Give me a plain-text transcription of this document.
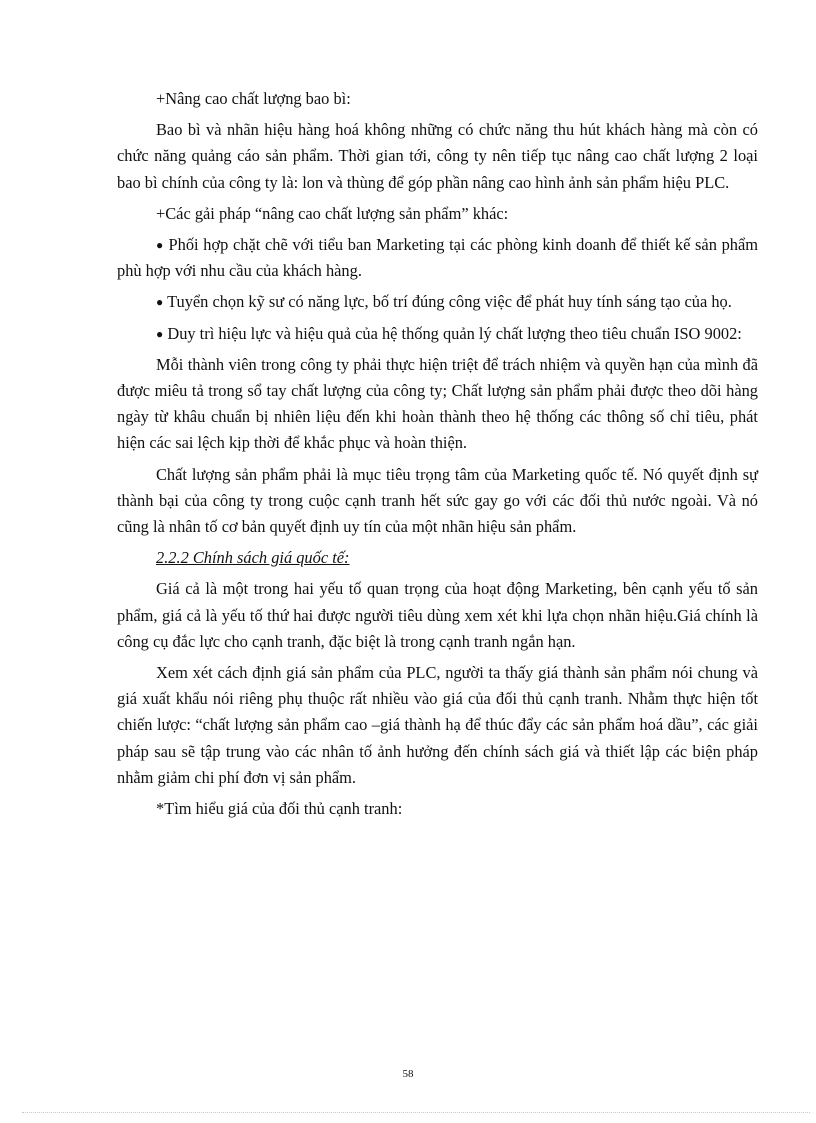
+Nâng cao chất lượng bao bì:

Bao bì và nhãn hiệu hàng hoá không những có chức năng thu hút khách hàng mà còn có chức năng quảng cáo sản phẩm. Thời gian tới, công ty nên tiếp tục nâng cao chất lượng 2 loại bao bì chính của công ty là: lon và thùng để góp phần nâng cao hình ảnh sản phẩm hiệu PLC.

+Các gải pháp “nâng cao chất lượng sản phẩm” khác:

● Phối hợp chặt chẽ với tiểu ban Marketing tại các phòng kinh doanh để thiết kế sản phẩm phù hợp với nhu cầu của khách hàng.

● Tuyển chọn kỹ sư có năng lực, bố trí đúng công việc để phát huy tính sáng tạo của họ.

● Duy trì hiệu lực và hiệu quả của hệ thống quản lý chất lượng theo tiêu chuẩn ISO 9002:

Mỗi thành viên trong công ty phải thực hiện triệt để trách nhiệm và quyền hạn của mình đã được miêu tả trong sổ tay chất lượng của công ty; Chất lượng sản phẩm phải được theo dõi hàng ngày từ khâu chuẩn bị nhiên liệu đến khi hoàn thành theo hệ thống các thông số chỉ tiêu, phát hiện các sai lệch kịp thời để khắc phục và hoàn thiện.

Chất lượng sản phẩm phải là mục tiêu trọng tâm của Marketing quốc tế. Nó quyết định sự thành bại của công ty trong cuộc cạnh tranh hết sức gay go với các đối thủ nước ngoài. Và nó cũng là nhân tố cơ bản quyết định uy tín của một nhãn hiệu sản phẩm.

2.2.2 Chính sách giá quốc tế:

Giá cả là một trong hai yếu tố quan trọng của hoạt động Marketing, bên cạnh yếu tố sản phẩm, giá cả là yếu tố thứ hai được người tiêu dùng xem xét khi lựa chọn nhãn hiệu.Giá chính là công cụ đắc lực cho cạnh tranh, đặc biệt là trong cạnh tranh ngắn hạn.

Xem xét cách định giá sản phẩm của PLC, người ta thấy giá thành sản phẩm nói chung và giá xuất khẩu nói riêng phụ thuộc rất nhiều vào giá của đối thủ cạnh tranh. Nhằm thực hiện tốt chiến lược: “chất lượng sản phẩm cao –giá thành hạ để thúc đẩy các sản phẩm hoá dầu”, các giải pháp sau sẽ tập trung vào các nhân tố ảnh hưởng đến chính sách giá và thiết lập các biện pháp nhằm giảm chi phí đơn vị sản phẩm.

*Tìm hiểu giá của đối thủ cạnh tranh:

58
